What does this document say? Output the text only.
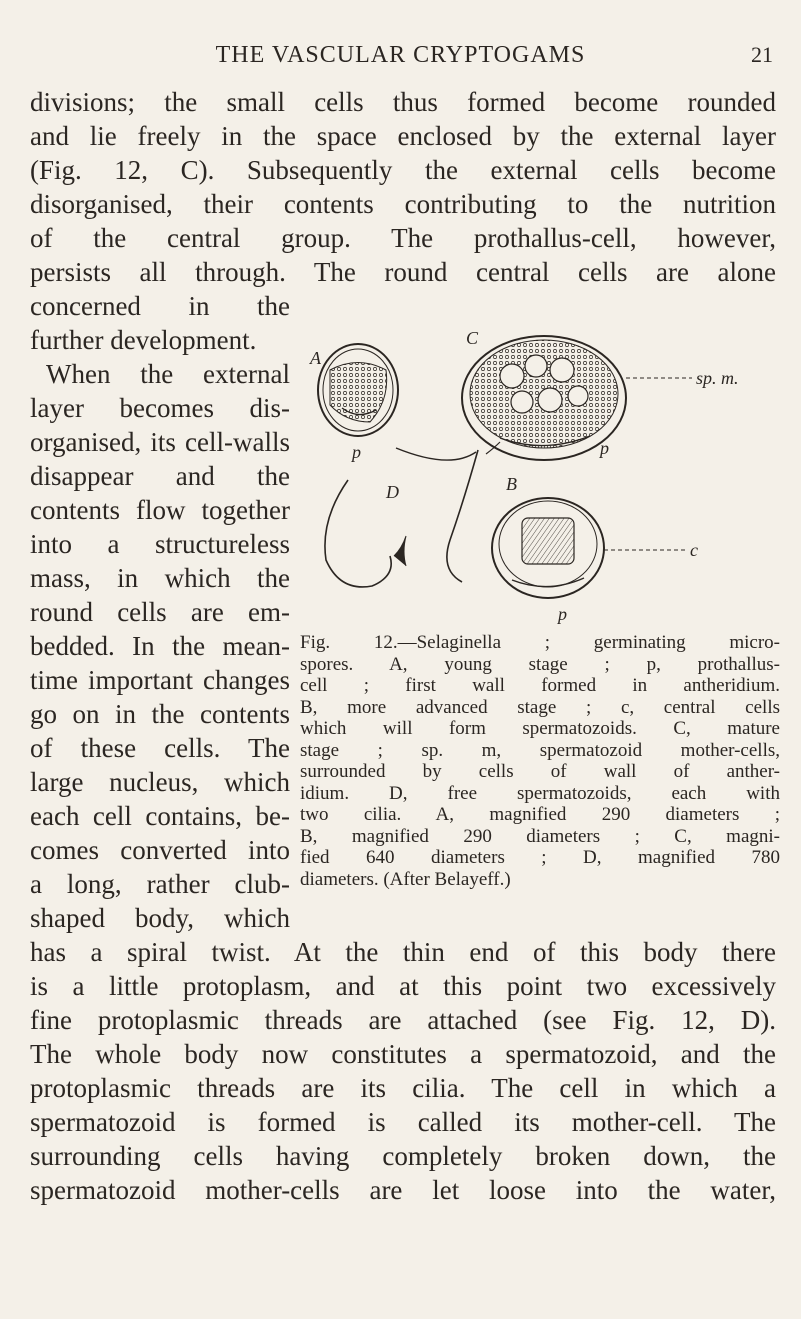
THE VASCULAR CRYPTOGAMS	21
divisions; the small cells thus formed become rounded
and lie freely in the space enclosed by the external layer
(Fig. 12, C). Subsequently the external cells become
disorganised, their contents contributing to the nutrition
of the central group. The prothallus-cell, however,
persists all through. The round central cells are alone
concerned in the
further development.
When the external
layer becomes dis-
organised, its cell-walls
disappear and the
contents flow together
into a structureless
mass, in which the
round cells are em-
bedded. In the mean-
time important changes
go on in the contents
of these cells. The
large nucleus, which
each cell contains, be-
comes converted into
a long, rather club-
shaped body, which
has a spiral twist. At the thin end of this body there
is a little protoplasm, and at this point two excessively
fine protoplasmic threads are attached (see Fig. 12, D).
The whole body now constitutes a spermatozoid, and the
protoplasmic threads are its cilia. The cell in which a
spermatozoid is formed is called its mother-cell. The
surrounding cells having completely broken down, the
spermatozoid mother-cells are let loose into the water,
A
p
C
sp. m.
p
D	B
c
p
Fig. 12.—Selaginella ; germinating micro-
spores. A, young stage ; p, prothallus-
cell ; first wall formed in antheridium.
B, more advanced stage ; c, central cells
which will form spermatozoids. C, mature
stage ; sp. m, spermatozoid mother-cells,
surrounded by cells of wall of anther-
idium. D, free spermatozoids, each with
two cilia. A, magnified 290 diameters ;
B, magnified 290 diameters ; C, magni-
fied 640 diameters ; D, magnified 780
diameters. (After Belayeff.)
